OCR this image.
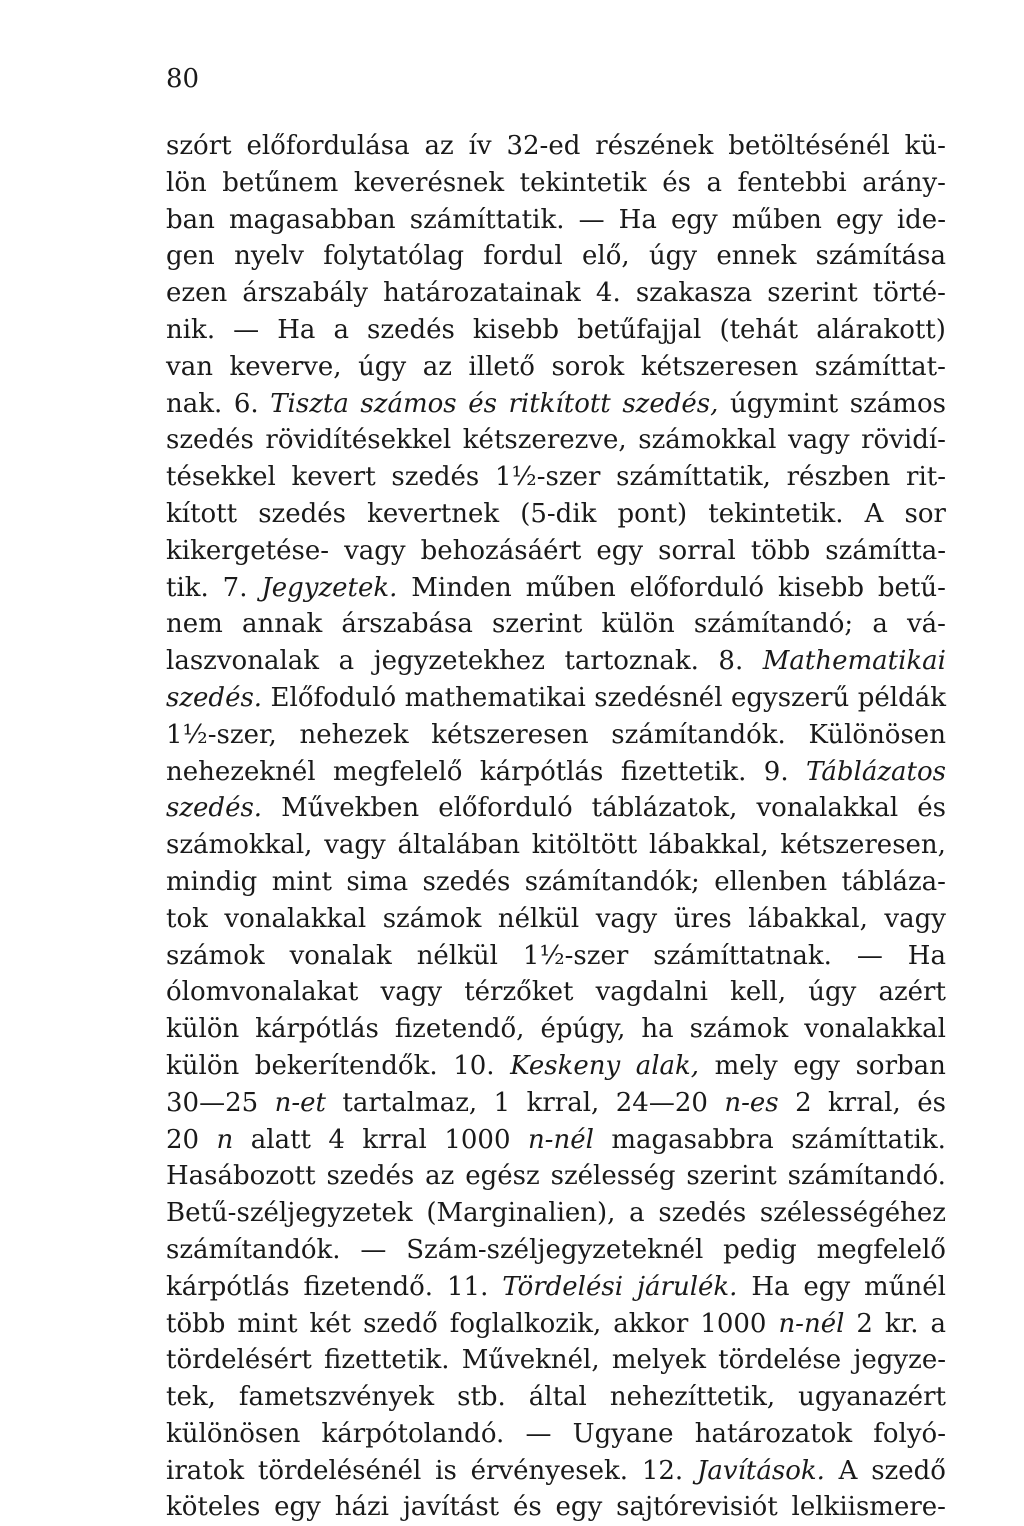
80
szórt előfordulása az ív 32-ed részének betöltésénél kü-
lön betűnem keverésnek tekintetik és a fentebbi arány-
ban magasabban számíttatik. — Ha egy műben egy ide-
gen nyelv folytatólag fordul elő, úgy ennek számítása
ezen árszabály határozatainak 4. szakasza szerint törté-
nik. — Ha a szedés kisebb betűfajjal (tehát alárakott)
van keverve, úgy az illető sorok kétszeresen számíttat-
nak. 6. Tiszta számos és ritkított szedés, úgymint számos
szedés rövidítésekkel kétszerezve, számokkal vagy rövidí-
tésekkel kevert szedés 1½-szer számíttatik, részben rit-
kított szedés kevertnek (5-dik pont) tekintetik. A sor
kikergetése- vagy behozásáért egy sorral több számítta-
tik. 7. Jegyzetek. Minden műben előforduló kisebb betű-
nem annak árszabása szerint külön számítandó; a vá-
laszvonalak a jegyzetekhez tartoznak. 8. Mathematikai
szedés. Előfoduló mathematikai szedésnél egyszerű példák
1½-szer, nehezek kétszeresen számítandók. Különösen
nehezeknél megfelelő kárpótlás fizettetik. 9. Táblázatos
szedés. Művekben előforduló táblázatok, vonalakkal és
számokkal, vagy általában kitöltött lábakkal, kétszeresen,
mindig mint sima szedés számítandók; ellenben tábláza-
tok vonalakkal számok nélkül vagy üres lábakkal, vagy
számok vonalak nélkül 1½-szer számíttatnak. — Ha
ólomvonalakat vagy térzőket vagdalni kell, úgy azért
külön kárpótlás fizetendő, épúgy, ha számok vonalakkal
külön bekerítendők. 10. Keskeny alak, mely egy sorban
30—25 n-et tartalmaz, 1 krral, 24—20 n-es 2 krral, és
20 n alatt 4 krral 1000 n-nél magasabbra számíttatik.
Hasábozott szedés az egész szélesség szerint számítandó.
Betű-széljegyzetek (Marginalien), a szedés szélességéhez
számítandók. — Szám-széljegyzeteknél pedig megfelelő
kárpótlás fizetendő. 11. Tördelési járulék. Ha egy műnél
több mint két szedő foglalkozik, akkor 1000 n-nél 2 kr. a
tördelésért fizettetik. Műveknél, melyek tördelése jegyze-
tek, fametszvények stb. által nehezíttetik, ugyanazért
különösen kárpótolandó. — Ugyane határozatok folyó-
iratok tördelésénél is érvényesek. 12. Javítások. A szedő
köteles egy házi javítást és egy sajtórevisiót lelkiismere-
